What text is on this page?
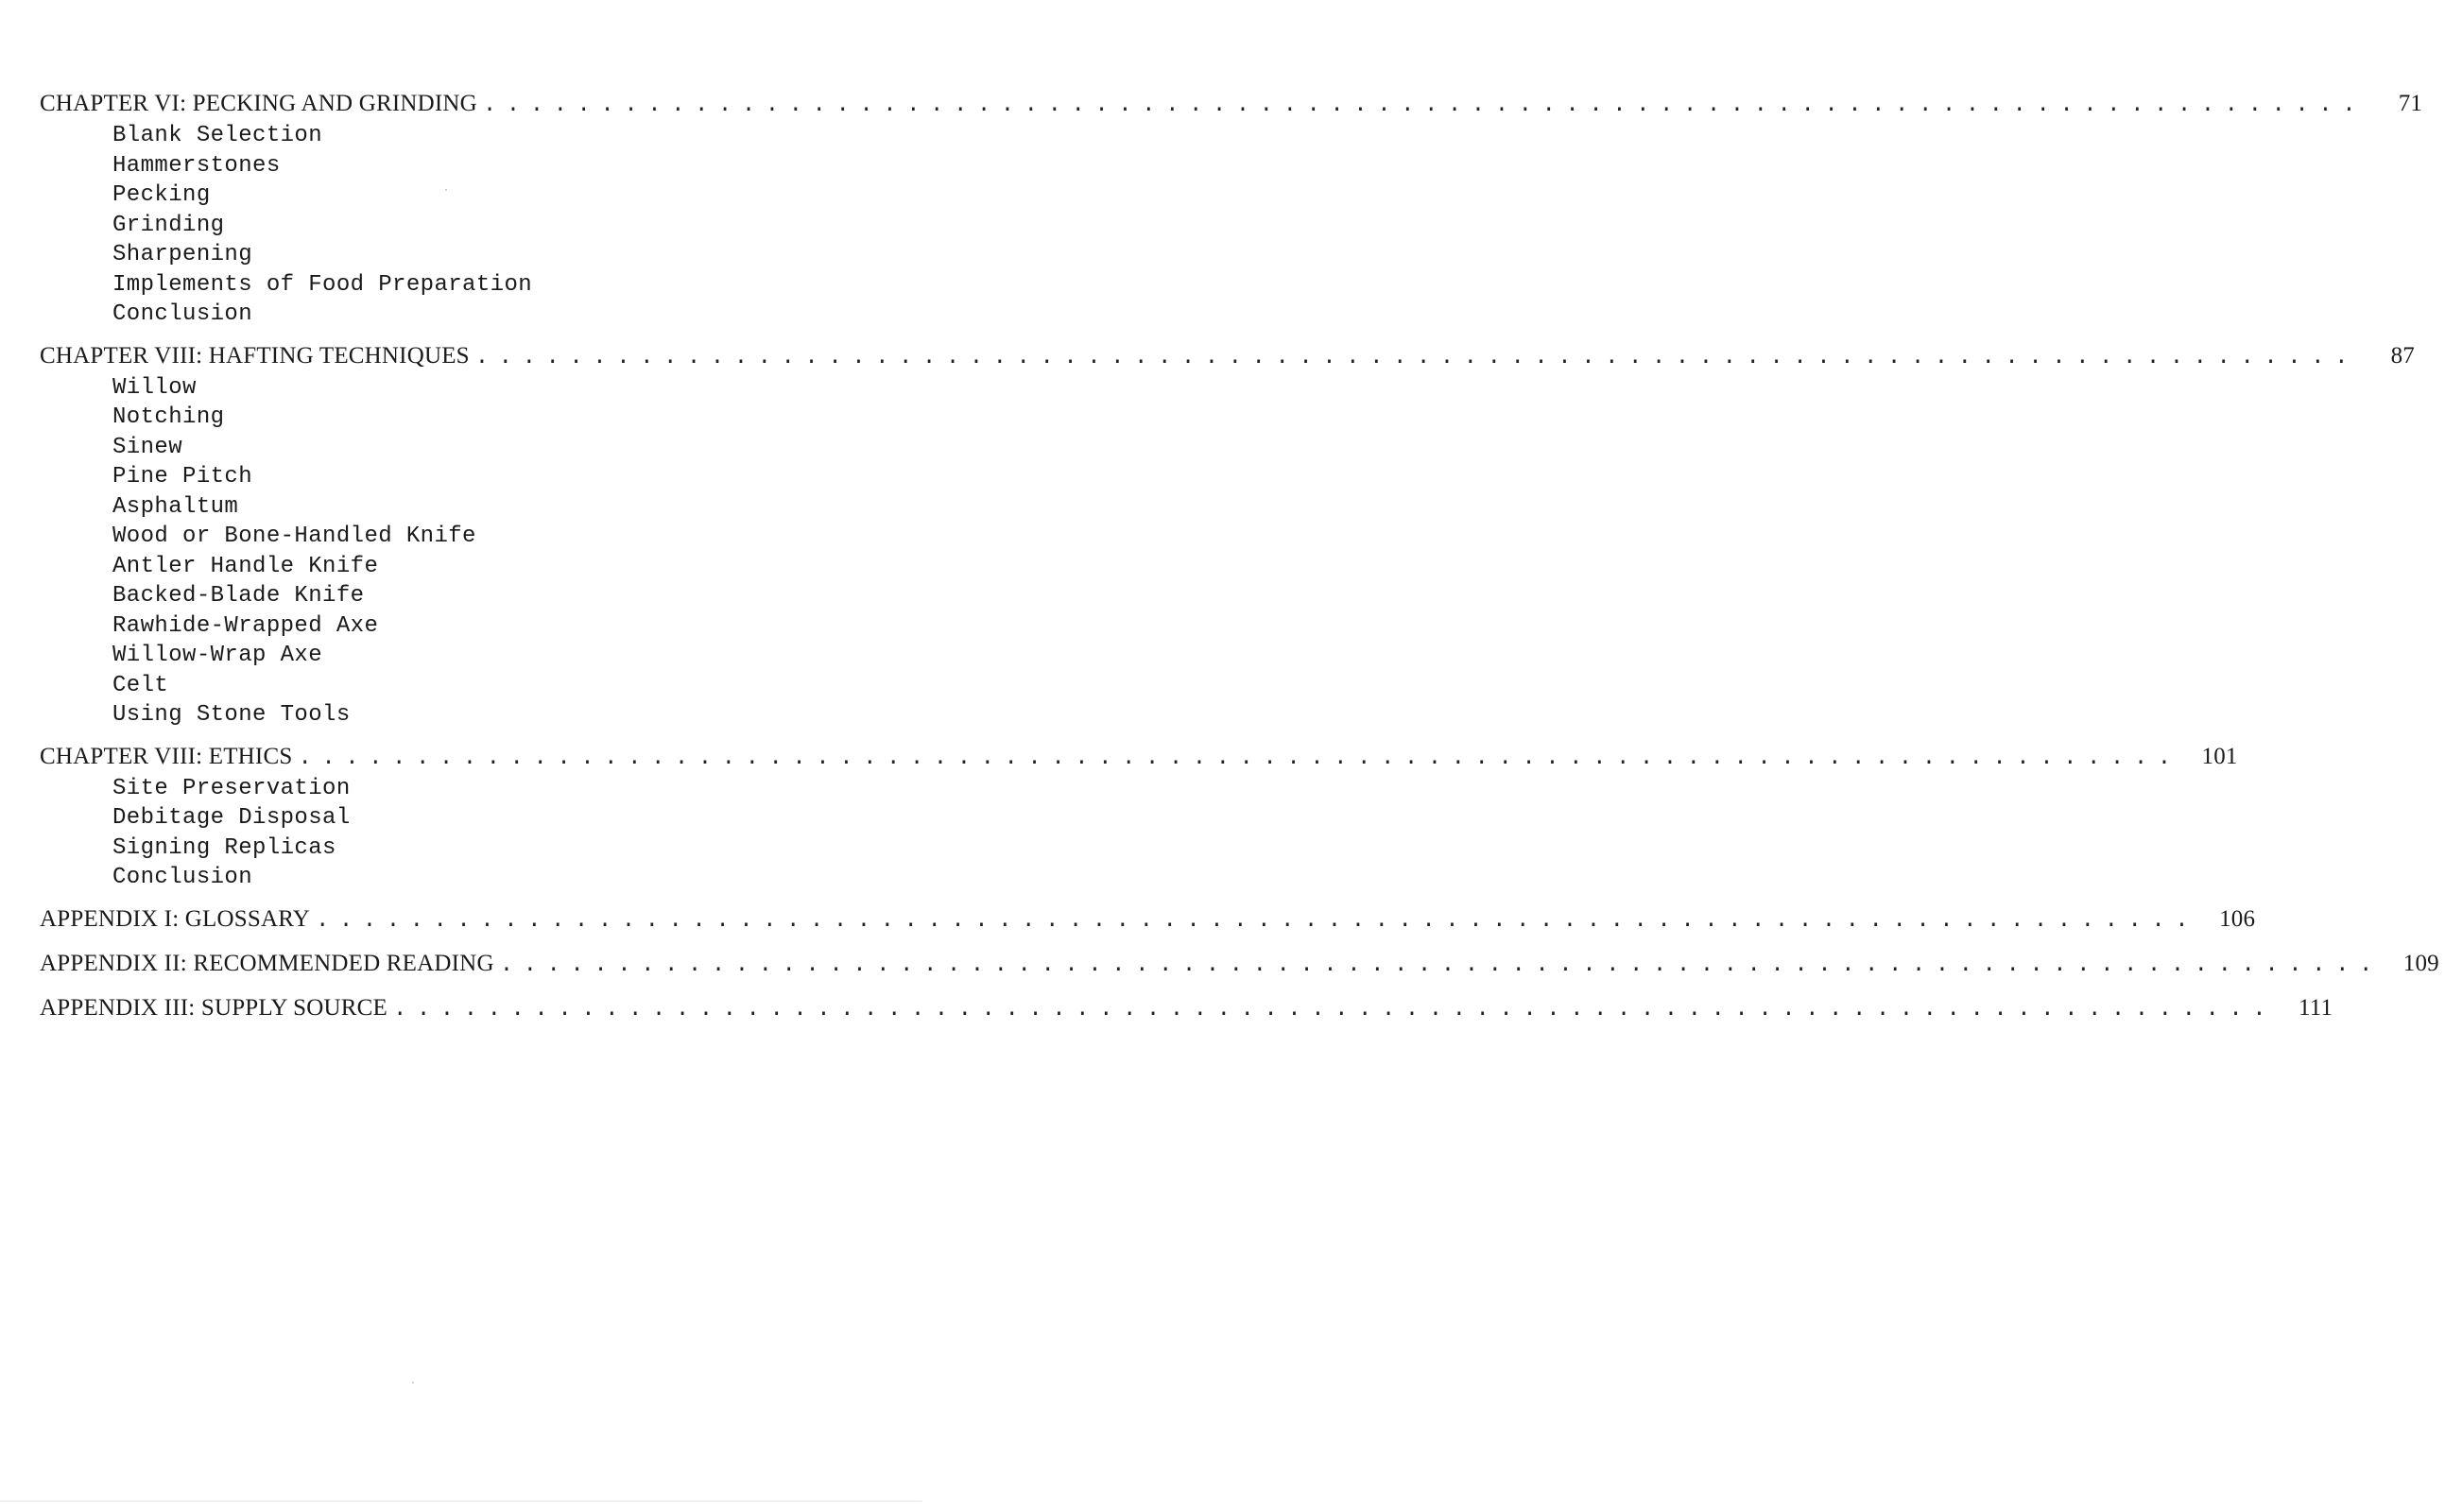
CHAPTER VI: PECKING AND GRINDING ................................................................................	71
Blank Selection
Hammerstones
Pecking
Grinding
Sharpening
Implements of Food Preparation
Conclusion
CHAPTER VIII: HAFTING TECHNIQUES ................................................................................	87
Willow
Notching
Sinew
Pine Pitch
Asphaltum
Wood or Bone-Handled Knife
Antler Handle Knife
Backed-Blade Knife
Rawhide-Wrapped Axe
Willow-Wrap Axe
Celt
Using Stone Tools
CHAPTER VIII: ETHICS ................................................................................ 101
Site Preservation
Debitage Disposal
Signing Replicas
Conclusion
APPENDIX I: GLOSSARY ................................................................................ 106
APPENDIX II: RECOMMENDED READING ................................................................................ 109
APPENDIX III: SUPPLY SOURCE ................................................................................ 111
